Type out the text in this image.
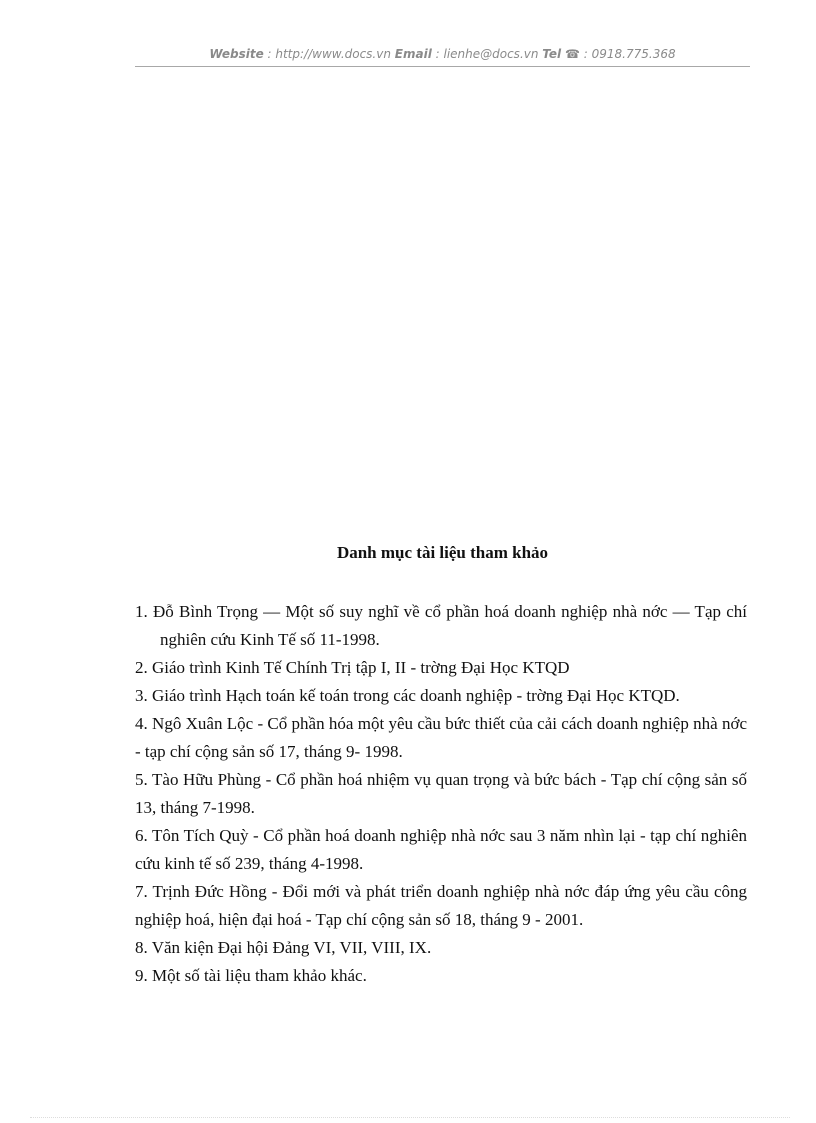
Website : http://www.docs.vn Email : lienhe@docs.vn Tel ☎ : 0918.775.368
Danh mục tài liệu tham khảo
1. Đỗ Bình Trọng — Một số suy nghĩ về cổ phần hoá doanh nghiệp nhà nớc — Tạp chí nghiên cứu Kinh Tế số 11-1998.
2. Giáo trình Kinh Tế Chính Trị tập I, II - trờng Đại Học KTQD
3. Giáo trình Hạch toán kế toán trong các doanh nghiệp - trờng Đại Học KTQD.
4. Ngô Xuân Lộc - Cổ phần hóa một yêu cầu bức thiết của cải cách doanh nghiệp nhà nớc - tạp chí cộng sản số 17, tháng 9- 1998.
5. Tào Hữu Phùng - Cổ phần hoá nhiệm vụ quan trọng và bức bách - Tạp chí cộng sản số 13, tháng 7-1998.
6. Tôn Tích Quỳ - Cổ phần hoá doanh nghiệp nhà nớc sau 3 năm nhìn lại - tạp chí nghiên cứu kinh tế số 239, tháng 4-1998.
7. Trịnh Đức Hồng - Đổi mới và phát triển doanh nghiệp nhà nớc đáp ứng yêu cầu công nghiệp hoá, hiện đại hoá - Tạp chí cộng sản số 18, tháng 9 - 2001.
8. Văn kiện Đại hội Đảng VI, VII, VIII, IX.
9. Một số tài liệu tham khảo khác.
